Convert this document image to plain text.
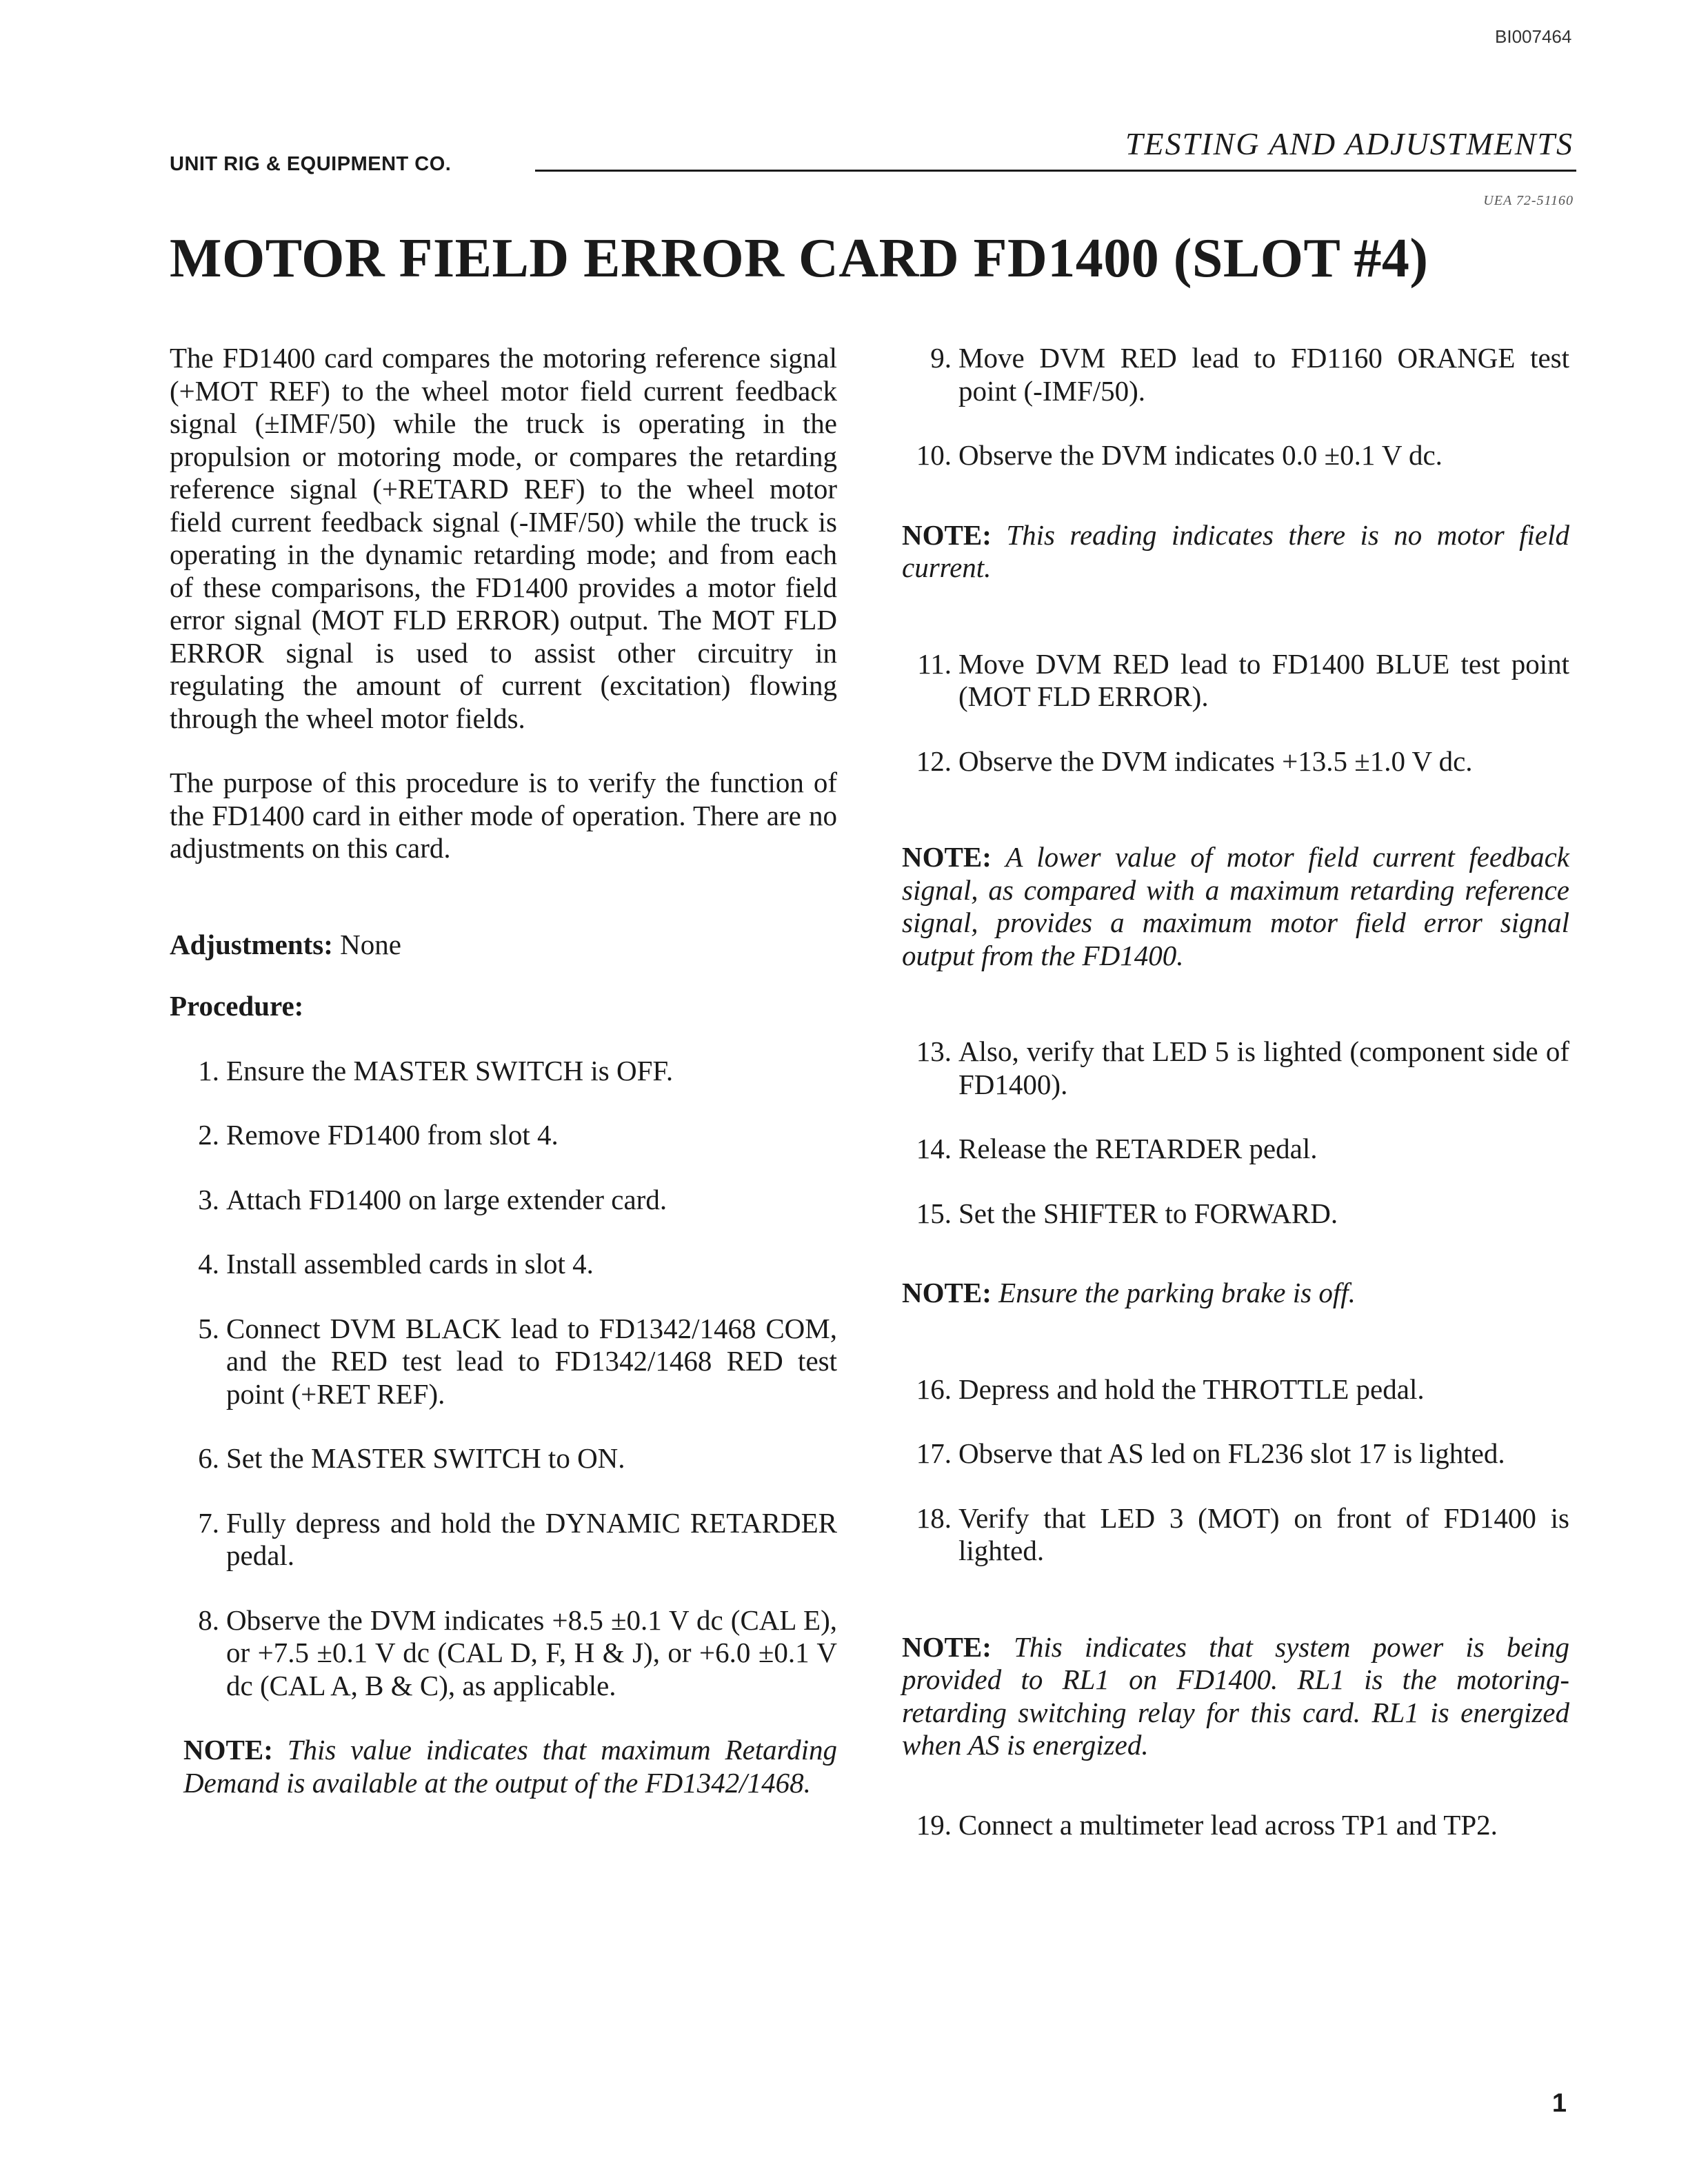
BI007464
UNIT RIG & EQUIPMENT CO.
TESTING AND ADJUSTMENTS
UEA 72-51160
MOTOR FIELD ERROR CARD FD1400 (SLOT #4)

The FD1400 card compares the motoring reference signal (+MOT REF) to the wheel motor field current feedback signal (±IMF/50) while the truck is operating in the propulsion or motoring mode, or compares the retarding reference signal (+RETARD REF) to the wheel motor field current feedback signal (-IMF/50) while the truck is operating in the dynamic retarding mode; and from each of these comparisons, the FD1400 provides a motor field error signal (MOT FLD ERROR) output. The MOT FLD ERROR signal is used to assist other circuitry in regulating the amount of current (excitation) flowing through the wheel motor fields.

The purpose of this procedure is to verify the function of the FD1400 card in either mode of operation. There are no adjustments on this card.

Adjustments: None

Procedure:

1. Ensure the MASTER SWITCH is OFF.
2. Remove FD1400 from slot 4.
3. Attach FD1400 on large extender card.
4. Install assembled cards in slot 4.
5. Connect DVM BLACK lead to FD1342/1468 COM, and the RED test lead to FD1342/1468 RED test point (+RET REF).
6. Set the MASTER SWITCH to ON.
7. Fully depress and hold the DYNAMIC RETARDER pedal.
8. Observe the DVM indicates +8.5 ±0.1 V dc (CAL E), or +7.5 ±0.1 V dc (CAL D, F, H & J), or +6.0 ±0.1 V dc (CAL A, B & C), as applicable.

NOTE: This value indicates that maximum Retarding Demand is available at the output of the FD1342/1468.

9. Move DVM RED lead to FD1160 ORANGE test point (-IMF/50).
10. Observe the DVM indicates 0.0 ±0.1 V dc.

NOTE: This reading indicates there is no motor field current.

11. Move DVM RED lead to FD1400 BLUE test point (MOT FLD ERROR).
12. Observe the DVM indicates +13.5 ±1.0 V dc.

NOTE: A lower value of motor field current feedback signal, as compared with a maximum retarding reference signal, provides a maximum motor field error signal output from the FD1400.

13. Also, verify that LED 5 is lighted (component side of FD1400).
14. Release the RETARDER pedal.
15. Set the SHIFTER to FORWARD.

NOTE: Ensure the parking brake is off.

16. Depress and hold the THROTTLE pedal.
17. Observe that AS led on FL236 slot 17 is lighted.
18. Verify that LED 3 (MOT) on front of FD1400 is lighted.

NOTE: This indicates that system power is being provided to RL1 on FD1400. RL1 is the motoring-retarding switching relay for this card. RL1 is energized when AS is energized.

19. Connect a multimeter lead across TP1 and TP2.
1
